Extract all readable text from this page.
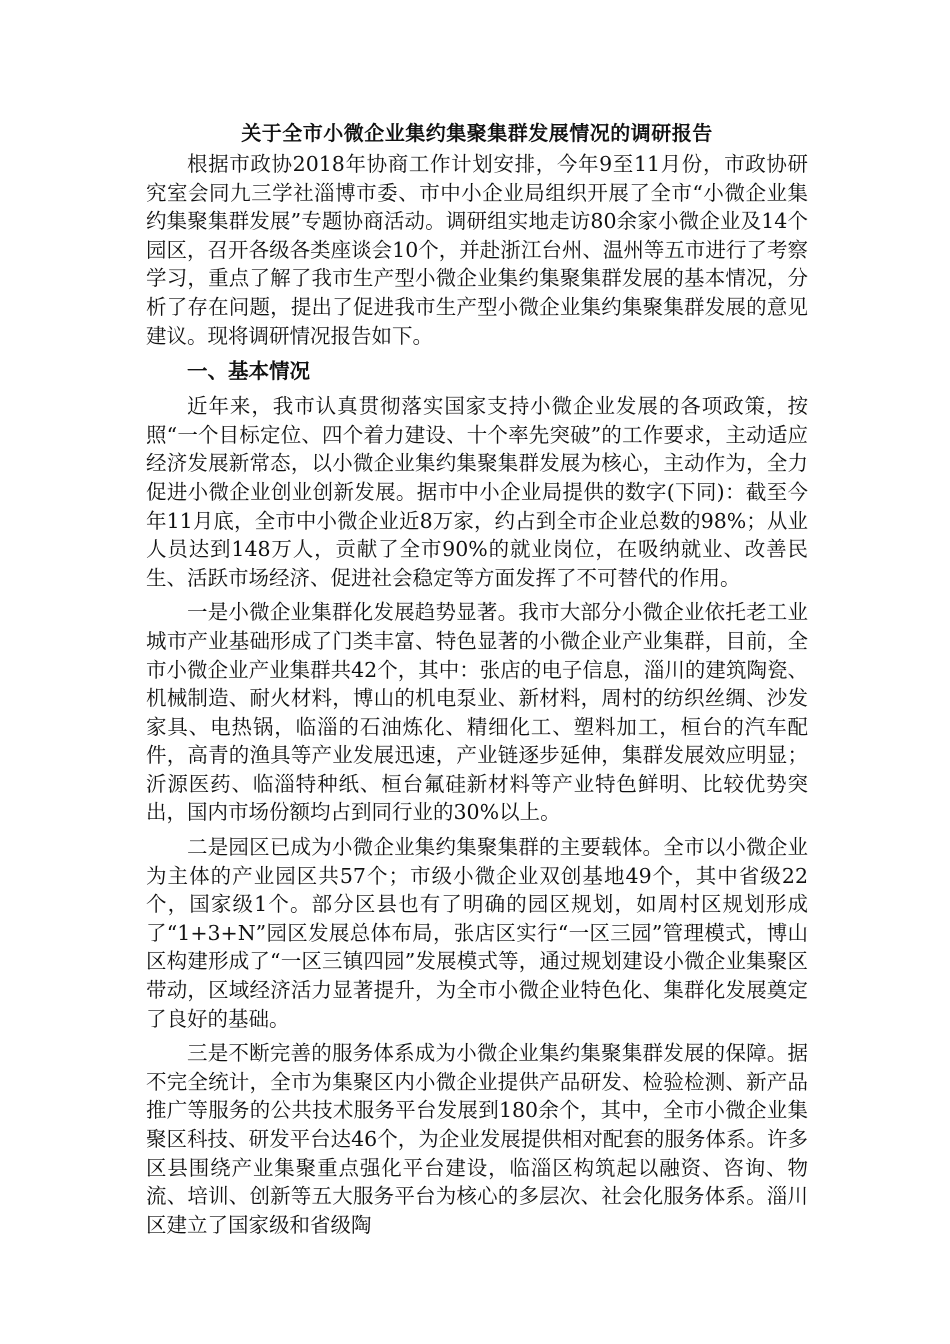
关于全市小微企业集约集聚集群发展情况的调研报告

根据市政协2018年协商工作计划安排，今年9至11月份，市政协研究室会同九三学社淄博市委、市中小企业局组织开展了全市“小微企业集约集聚集群发展”专题协商活动。调研组实地走访80余家小微企业及14个园区，召开各级各类座谈会10个，并赴浙江台州、温州等五市进行了考察学习，重点了解了我市生产型小微企业集约集聚集群发展的基本情况，分析了存在问题，提出了促进我市生产型小微企业集约集聚集群发展的意见建议。现将调研情况报告如下。

一、基本情况

近年来，我市认真贯彻落实国家支持小微企业发展的各项政策，按照“一个目标定位、四个着力建设、十个率先突破”的工作要求，主动适应经济发展新常态，以小微企业集约集聚集群发展为核心，主动作为，全力促进小微企业创业创新发展。据市中小企业局提供的数字(下同)：截至今年11月底，全市中小微企业近8万家，约占到全市企业总数的98%；从业人员达到148万人，贡献了全市90%的就业岗位，在吸纳就业、改善民生、活跃市场经济、促进社会稳定等方面发挥了不可替代的作用。

一是小微企业集群化发展趋势显著。我市大部分小微企业依托老工业城市产业基础形成了门类丰富、特色显著的小微企业产业集群，目前，全市小微企业产业集群共42个，其中：张店的电子信息，淄川的建筑陶瓷、机械制造、耐火材料，博山的机电泵业、新材料，周村的纺织丝绸、沙发家具、电热锅，临淄的石油炼化、精细化工、塑料加工，桓台的汽车配件，高青的渔具等产业发展迅速，产业链逐步延伸，集群发展效应明显；沂源医药、临淄特种纸、桓台氟硅新材料等产业特色鲜明、比较优势突出，国内市场份额均占到同行业的30%以上。

二是园区已成为小微企业集约集聚集群的主要载体。全市以小微企业为主体的产业园区共57个；市级小微企业双创基地49个，其中省级22个，国家级1个。部分区县也有了明确的园区规划，如周村区规划形成了“1+3+N”园区发展总体布局，张店区实行“一区三园”管理模式，博山区构建形成了“一区三镇四园”发展模式等，通过规划建设小微企业集聚区带动，区域经济活力显著提升，为全市小微企业特色化、集群化发展奠定了良好的基础。

三是不断完善的服务体系成为小微企业集约集聚集群发展的保障。据不完全统计，全市为集聚区内小微企业提供产品研发、检验检测、新产品推广等服务的公共技术服务平台发展到180余个，其中，全市小微企业集聚区科技、研发平台达46个，为企业发展提供相对配套的服务体系。许多区县围绕产业集聚重点强化平台建设，临淄区构筑起以融资、咨询、物流、培训、创新等五大服务平台为核心的多层次、社会化服务体系。淄川区建立了国家级和省级陶
